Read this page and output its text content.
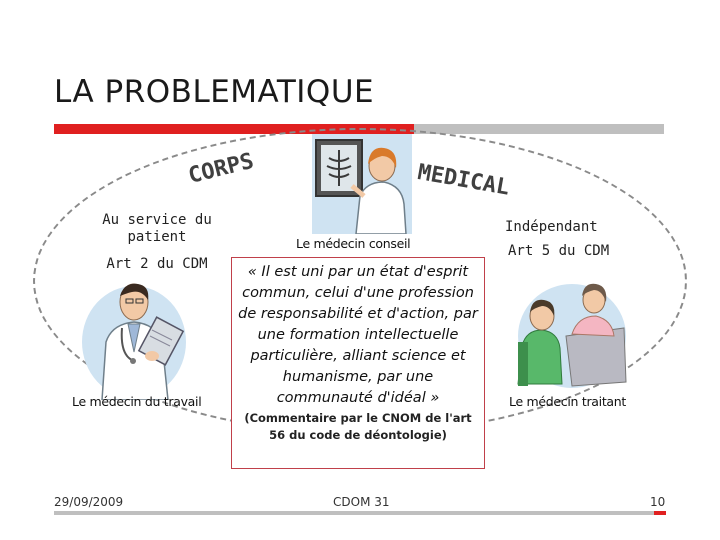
LA PROBLEMATIQUE
CORPS	MEDICAL
Au service du patient
Art 2 du CDM
Le médecin du travail
Le médecin conseil
« Il est uni par un état d'esprit commun, celui d'une profession de responsabilité et d'action, par une formation intellectuelle particulière, alliant science et humanisme, par une communauté d'idéal »
(Commentaire par le CNOM de l'art 56 du code de déontologie)
Indépendant
Art 5 du CDM
Le médecin traitant
29/09/2009	CDOM 31	10
